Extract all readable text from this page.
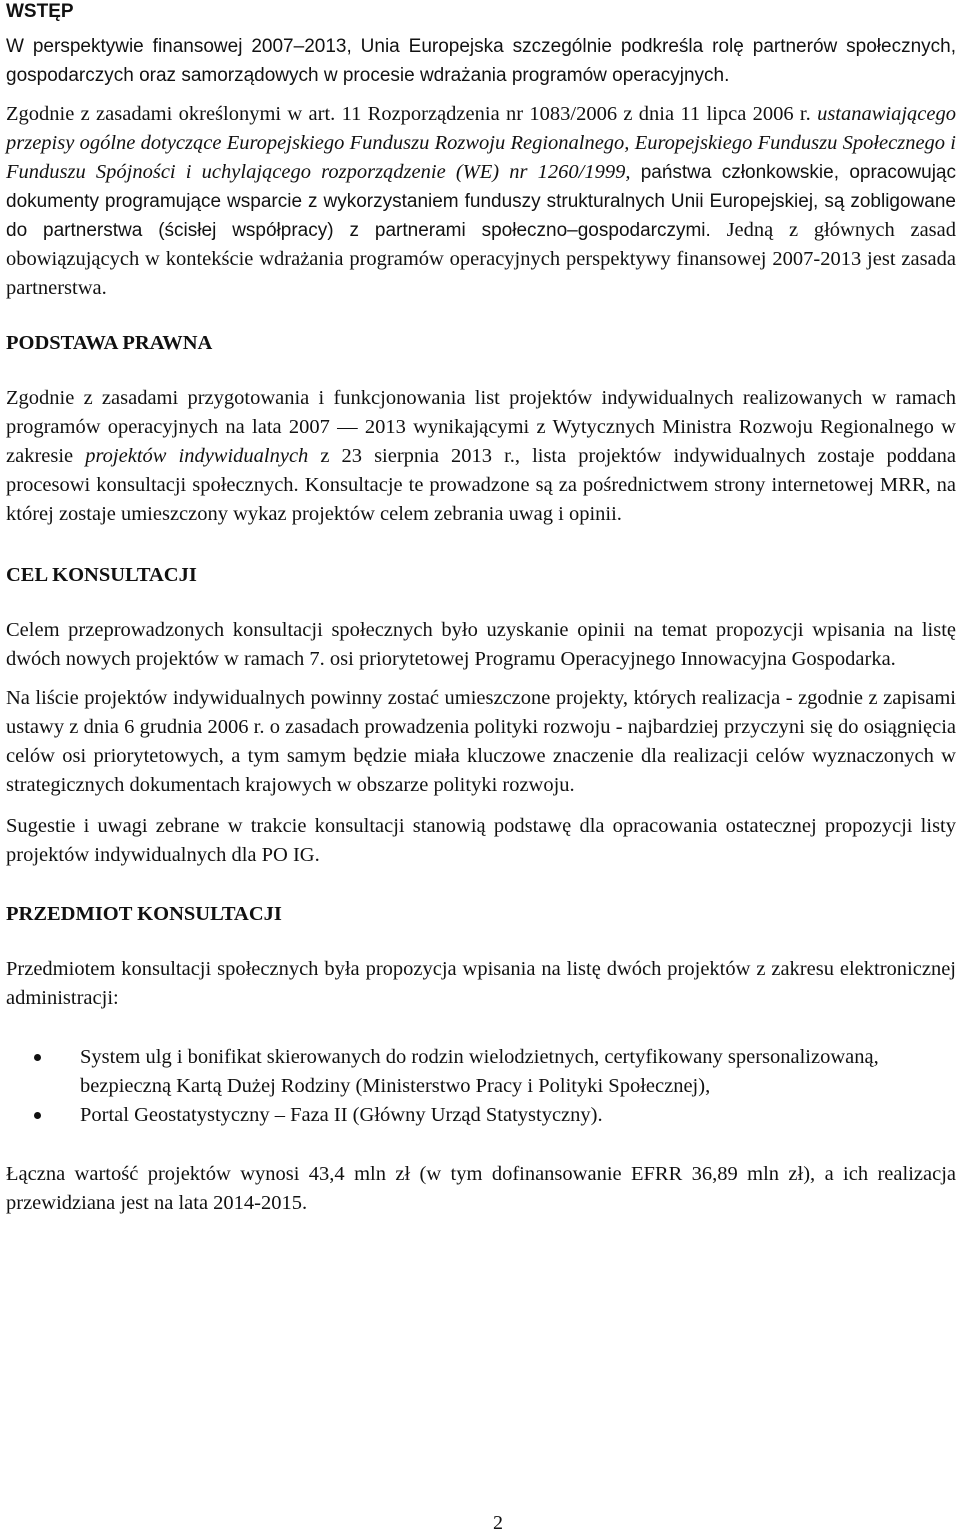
WSTĘP

W perspektywie finansowej 2007–2013, Unia Europejska szczególnie podkreśla rolę partnerów społecznych, gospodarczych oraz samorządowych w procesie wdrażania programów operacyjnych.

Zgodnie z zasadami określonymi w art. 11 Rozporządzenia nr 1083/2006 z dnia 11 lipca 2006 r. ustanawiającego przepisy ogólne dotyczące Europejskiego Funduszu Rozwoju Regionalnego, Europejskiego Funduszu Społecznego i Funduszu Spójności i uchylającego rozporządzenie (WE) nr 1260/1999, państwa członkowskie, opracowując dokumenty programujące wsparcie z wykorzystaniem funduszy strukturalnych Unii Europejskiej, są zobligowane do partnerstwa (ścisłej współpracy) z partnerami społeczno–gospodarczymi. Jedną z głównych zasad obowiązujących w kontekście wdrażania programów operacyjnych perspektywy finansowej 2007-2013 jest zasada partnerstwa.

PODSTAWA PRAWNA

Zgodnie z zasadami przygotowania i funkcjonowania list projektów indywidualnych realizowanych w ramach programów operacyjnych na lata 2007 — 2013 wynikającymi z Wytycznych Ministra Rozwoju Regionalnego w zakresie projektów indywidualnych z 23 sierpnia 2013 r., lista projektów indywidualnych zostaje poddana procesowi konsultacji społecznych. Konsultacje te prowadzone są za pośrednictwem strony internetowej MRR, na której zostaje umieszczony wykaz projektów celem zebrania uwag i opinii.

CEL KONSULTACJI

Celem przeprowadzonych konsultacji społecznych było uzyskanie opinii na temat propozycji wpisania na listę dwóch nowych projektów w ramach 7. osi priorytetowej Programu Operacyjnego Innowacyjna Gospodarka.

Na liście projektów indywidualnych powinny zostać umieszczone projekty, których realizacja - zgodnie z zapisami ustawy z dnia 6 grudnia 2006 r. o zasadach prowadzenia polityki rozwoju - najbardziej przyczyni się do osiągnięcia celów osi priorytetowych, a tym samym będzie miała kluczowe znaczenie dla realizacji celów wyznaczonych w strategicznych dokumentach krajowych w obszarze polityki rozwoju.

Sugestie i uwagi zebrane w trakcie konsultacji stanowią podstawę dla opracowania ostatecznej propozycji listy projektów indywidualnych dla PO IG.

PRZEDMIOT KONSULTACJI

Przedmiotem konsultacji społecznych była propozycja wpisania na listę dwóch projektów z zakresu elektronicznej administracji:

System ulg i bonifikat skierowanych do rodzin wielodzietnych, certyfikowany spersonalizowaną, bezpieczną Kartą Dużej Rodziny (Ministerstwo Pracy i Polityki Społecznej),
Portal Geostatystyczny – Faza II (Główny Urząd Statystyczny).

Łączna wartość projektów wynosi 43,4 mln zł (w tym dofinansowanie EFRR 36,89 mln zł), a ich realizacja przewidziana jest na lata 2014-2015.

2
